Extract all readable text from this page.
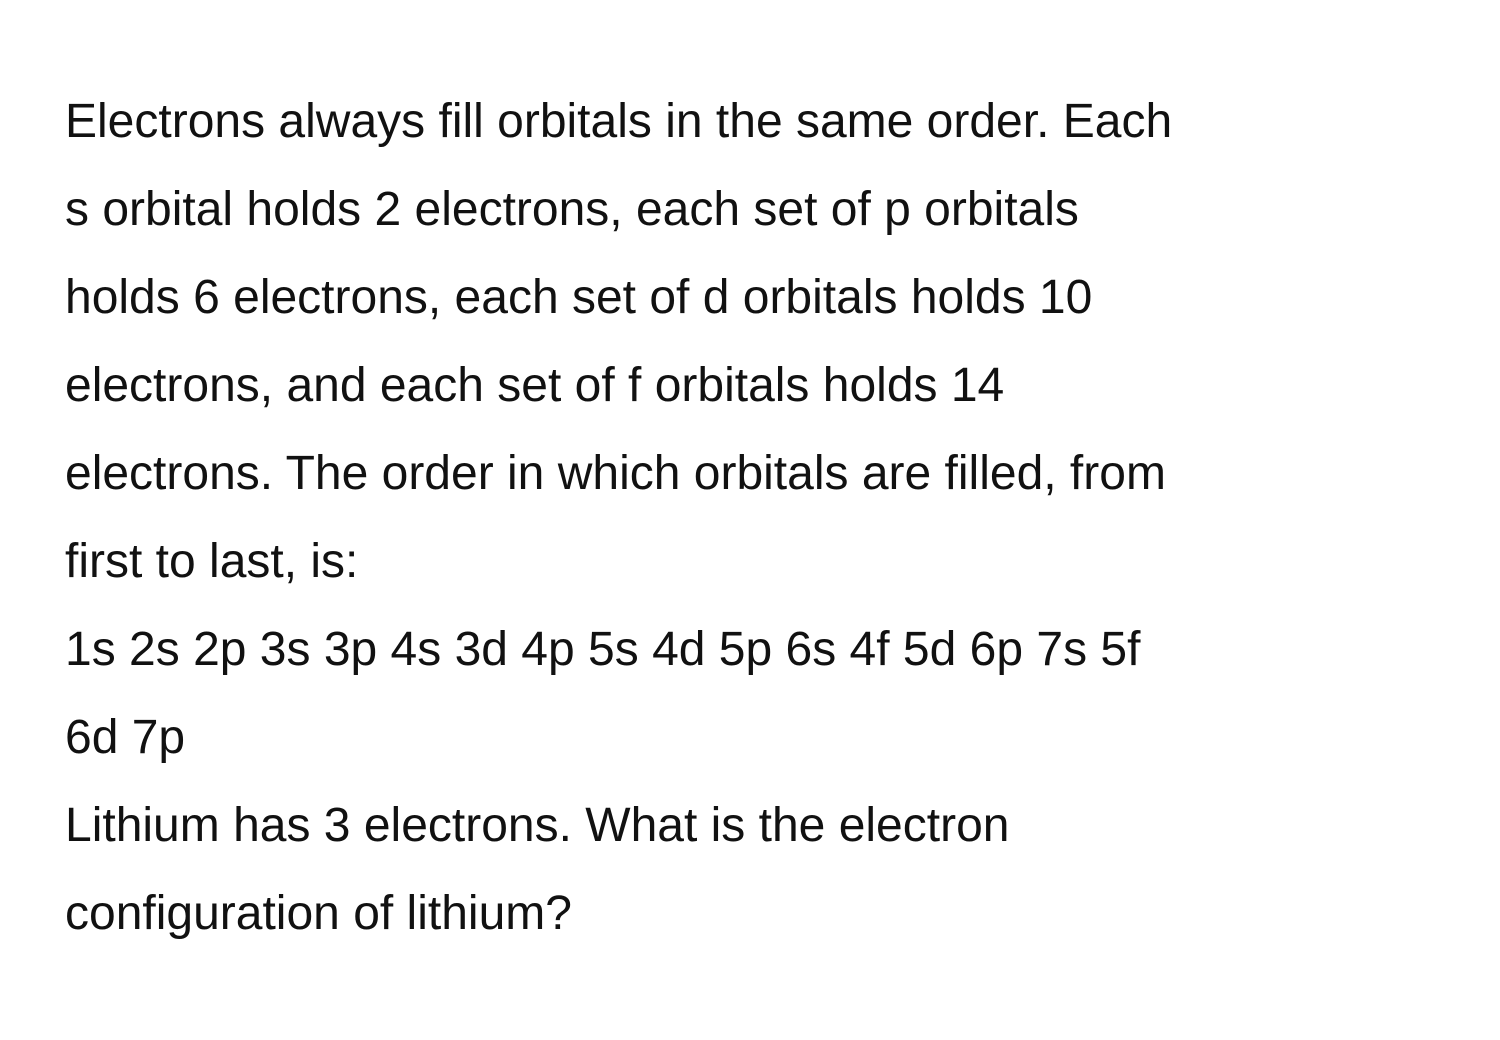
Electrons always fill orbitals in the same order. Each

s orbital holds 2 electrons, each set of p orbitals

holds 6 electrons, each set of d orbitals holds 10

electrons, and each set of f orbitals holds 14

electrons. The order in which orbitals are filled, from

first to last, is:

1s 2s 2p 3s 3p 4s 3d 4p 5s 4d 5p 6s 4f 5d 6p 7s 5f

6d 7p

Lithium has 3 electrons. What is the electron

configuration of lithium?
